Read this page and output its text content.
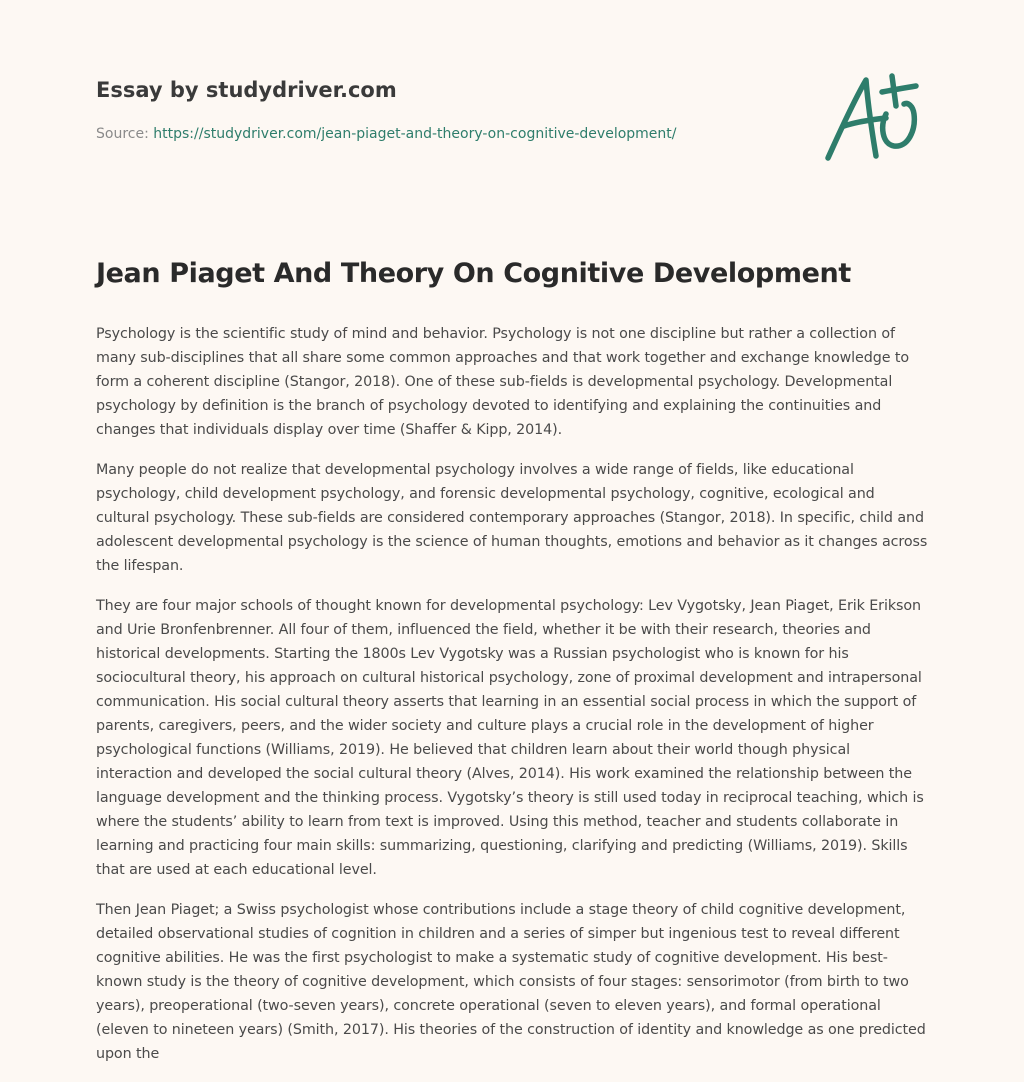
Essay by studydriver.com
Source: https://studydriver.com/jean-piaget-and-theory-on-cognitive-development/
Jean Piaget And Theory On Cognitive Development

Psychology is the scientific study of mind and behavior. Psychology is not one discipline but rather a collection of many sub-disciplines that all share some common approaches and that work together and exchange knowledge to form a coherent discipline (Stangor, 2018). One of these sub-fields is developmental psychology. Developmental psychology by definition is the branch of psychology devoted to identifying and explaining the continuities and changes that individuals display over time (Shaffer & Kipp, 2014).

Many people do not realize that developmental psychology involves a wide range of fields, like educational psychology, child development psychology, and forensic developmental psychology, cognitive, ecological and cultural psychology. These sub-fields are considered contemporary approaches (Stangor, 2018). In specific, child and adolescent developmental psychology is the science of human thoughts, emotions and behavior as it changes across the lifespan.

They are four major schools of thought known for developmental psychology: Lev Vygotsky, Jean Piaget, Erik Erikson and Urie Bronfenbrenner. All four of them, influenced the field, whether it be with their research, theories and historical developments. Starting the 1800s Lev Vygotsky was a Russian psychologist who is known for his sociocultural theory, his approach on cultural historical psychology, zone of proximal development and intrapersonal communication. His social cultural theory asserts that learning in an essential social process in which the support of parents, caregivers, peers, and the wider society and culture plays a crucial role in the development of higher psychological functions (Williams, 2019). He believed that children learn about their world though physical interaction and developed the social cultural theory (Alves, 2014). His work examined the relationship between the language development and the thinking process. Vygotsky’s theory is still used today in reciprocal teaching, which is where the students’ ability to learn from text is improved. Using this method, teacher and students collaborate in learning and practicing four main skills: summarizing, questioning, clarifying and predicting (Williams, 2019). Skills that are used at each educational level.

Then Jean Piaget; a Swiss psychologist whose contributions include a stage theory of child cognitive development, detailed observational studies of cognition in children and a series of simper but ingenious test to reveal different cognitive abilities. He was the first psychologist to make a systematic study of cognitive development. His best-known study is the theory of cognitive development, which consists of four stages: sensorimotor (from birth to two years), preoperational (two-seven years), concrete operational (seven to eleven years), and formal operational (eleven to nineteen years) (Smith, 2017). His theories of the construction of identity and knowledge as one predicted upon the
